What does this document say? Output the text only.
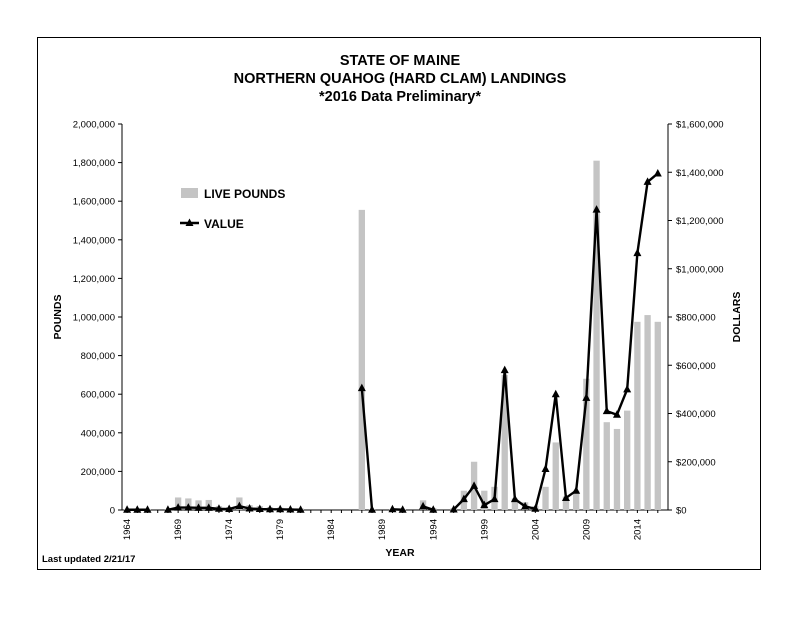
STATE OF MAINE
NORTHERN QUAHOG (HARD CLAM) LANDINGS
*2016 Data Preliminary*
0
200,000
400,000
600,000
800,000
1,000,000
1,200,000
1,400,000
1,600,000
1,800,000
2,000,000
$0
$200,000
$400,000
$600,000
$800,000
$1,000,000
$1,200,000
$1,400,000
$1,600,000
1964	1969	1974	1979	1984	1989	1994	1999	2004	2009	2014
YEAR
POUNDS	DOLLARS
LIVE POUNDS
VALUE
Last updated 2/21/17
